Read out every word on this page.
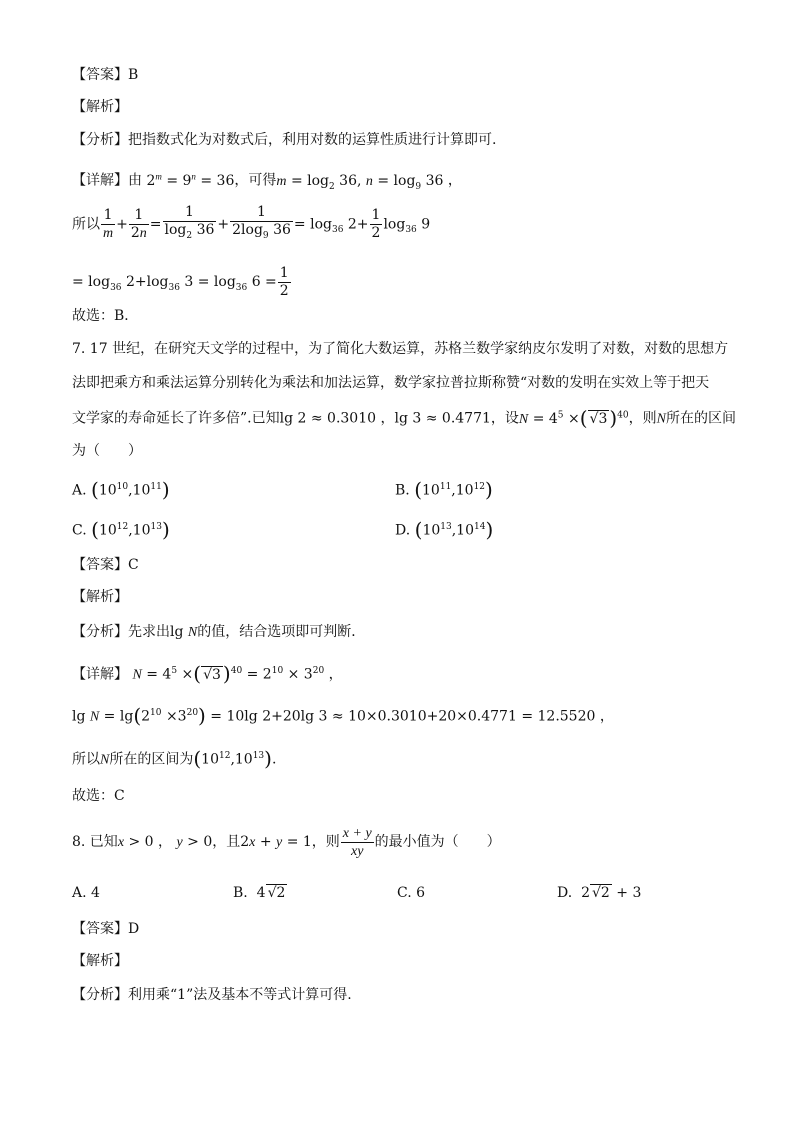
【答案】B
【解析】
【分析】把指数式化为对数式后，利用对数的运算性质进行计算即可.
【详解】由 $2^m = 9^n = 36$，可得$m = \log_2 36$, $n = \log_9 36$ ，
所以 $\frac{1}{m} + \frac{1}{2n} = \frac{1}{\log_2 36} + \frac{1}{2\log_9 36} = \log_{36} 2+ \frac{1}{2} \log_{36} 9$
= $\log_{36} 2+\log_{36}$ $3 = \log_{36} 6 = \frac{1}{2}$
故选：B．
7. 17 世纪，在研究天文学的过程中，为了简化大数运算，苏格兰数学家纳皮尔发明了对数，对数的思想方
法即把乘方和乘法运算分别转化为乘法和加法运算，数学家拉普拉斯称赞“对数的发明在实效上等于把天
文学家的寿命延长了许多倍”.已知lg 2 ≈ 0.3010 ，lg 3 ≈ 0.4771，设$N = 4^5$ ×( √3 )$^{40}$，则N所在的区间
为（　　）
A. $(10^{10},10^{11})$	B. $(10^{11},10^{12})$
C. $(10^{12},10^{13})$	D. $(10^{13},10^{14})$
【答案】C
【解析】
【分析】先求出lg N的值，结合选项即可判断．
【详解】 $N = 4^5$ ×( √3 )$^{40} = 2^{10} \times 3^{20}$ ，
$\lg N = \lg(2^{10} \times 3^{20}) = 10\lg$ 2+20lg 3 ≈ 10×0.3010+20×0.4771 = 12.5520 ，
所以N所在的区间为$(10^{12},10^{13})$.
故选：C
8. 已知x > 0 ， y > 0，且2x + y = 1，则 $\frac{x + y}{xy}$ 的最小值为（　　）
A. 4	B.  4 √2	C. 6	D.  2 √2 + 3
【答案】D
【解析】
【分析】利用乘“1”法及基本不等式计算可得.
